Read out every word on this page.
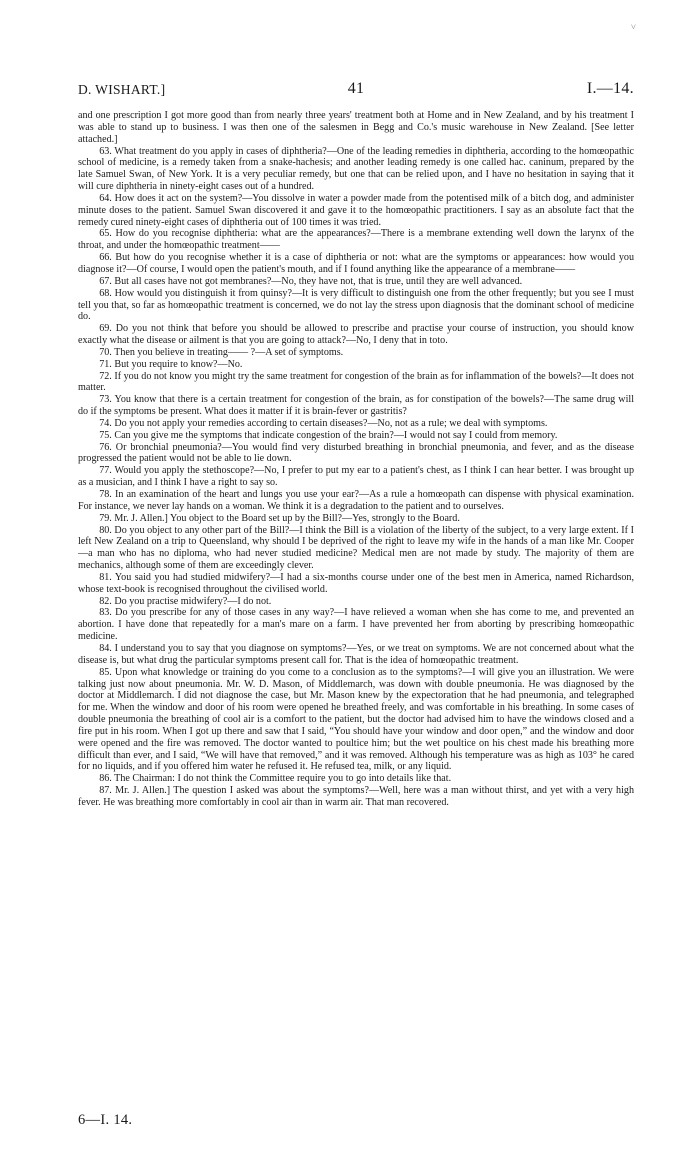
˅
D. WISHART.]	41	I.—14.

and one prescription I got more good than from nearly three years' treatment both at Home and in New Zealand, and by his treatment I was able to stand up to business. I was then one of the salesmen in Begg and Co.'s music warehouse in New Zealand. [See letter attached.]

63. What treatment do you apply in cases of diphtheria?—One of the leading remedies in diphtheria, according to the homœopathic school of medicine, is a remedy taken from a snake-hachesis; and another leading remedy is one called hac. caninum, prepared by the late Samuel Swan, of New York. It is a very peculiar remedy, but one that can be relied upon, and I have no hesitation in saying that it will cure diphtheria in ninety-eight cases out of a hundred.

64. How does it act on the system?—You dissolve in water a powder made from the potentised milk of a bitch dog, and administer minute doses to the patient. Samuel Swan discovered it and gave it to the homœopathic practitioners. I say as an absolute fact that the remedy cured ninety-eight cases of diphtheria out of 100 times it was tried.

65. How do you recognise diphtheria: what are the appearances?—There is a membrane extending well down the larynx of the throat, and under the homœopathic treatment——

66. But how do you recognise whether it is a case of diphtheria or not: what are the symptoms or appearances: how would you diagnose it?—Of course, I would open the patient's mouth, and if I found anything like the appearance of a membrane——

67. But all cases have not got membranes?—No, they have not, that is true, until they are well advanced.

68. How would you distinguish it from quinsy?—It is very difficult to distinguish one from the other frequently; but you see I must tell you that, so far as homœopathic treatment is concerned, we do not lay the stress upon diagnosis that the dominant school of medicine do.

69. Do you not think that before you should be allowed to prescribe and practise your course of instruction, you should know exactly what the disease or ailment is that you are going to attack?—No, I deny that in toto.

70. Then you believe in treating—— ?—A set of symptoms.

71. But you require to know?—No.

72. If you do not know you might try the same treatment for congestion of the brain as for inflammation of the bowels?—It does not matter.

73. You know that there is a certain treatment for congestion of the brain, as for constipation of the bowels?—The same drug will do if the symptoms be present. What does it matter if it is brain-fever or gastritis?

74. Do you not apply your remedies according to certain diseases?—No, not as a rule; we deal with symptoms.

75. Can you give me the symptoms that indicate congestion of the brain?—I would not say I could from memory.

76. Or bronchial pneumonia?—You would find very disturbed breathing in bronchial pneumonia, and fever, and as the disease progressed the patient would not be able to lie down.

77. Would you apply the stethoscope?—No, I prefer to put my ear to a patient's chest, as I think I can hear better. I was brought up as a musician, and I think I have a right to say so.

78. In an examination of the heart and lungs you use your ear?—As a rule a homœopath can dispense with physical examination. For instance, we never lay hands on a woman. We think it is a degradation to the patient and to ourselves.

79. Mr. J. Allen.] You object to the Board set up by the Bill?—Yes, strongly to the Board.

80. Do you object to any other part of the Bill?—I think the Bill is a violation of the liberty of the subject, to a very large extent. If I left New Zealand on a trip to Queensland, why should I be deprived of the right to leave my wife in the hands of a man like Mr. Cooper—a man who has no diploma, who had never studied medicine? Medical men are not made by study. The majority of them are mechanics, although some of them are exceedingly clever.

81. You said you had studied midwifery?—I had a six-months course under one of the best men in America, named Richardson, whose text-book is recognised throughout the civilised world.

82. Do you practise midwifery?—I do not.

83. Do you prescribe for any of those cases in any way?—I have relieved a woman when she has come to me, and prevented an abortion. I have done that repeatedly for a man's mare on a farm. I have prevented her from aborting by prescribing homœopathic medicine.

84. I understand you to say that you diagnose on symptoms?—Yes, or we treat on symptoms. We are not concerned about what the disease is, but what drug the particular symptoms present call for. That is the idea of homœopathic treatment.

85. Upon what knowledge or training do you come to a conclusion as to the symptoms?—I will give you an illustration. We were talking just now about pneumonia. Mr. W. D. Mason, of Middlemarch, was down with double pneumonia. He was diagnosed by the doctor at Middlemarch. I did not diagnose the case, but Mr. Mason knew by the expectoration that he had pneumonia, and telegraphed for me. When the window and door of his room were opened he breathed freely, and was comfortable in his breathing. In some cases of double pneumonia the breathing of cool air is a comfort to the patient, but the doctor had advised him to have the windows closed and a fire put in his room. When I got up there and saw that I said, “You should have your window and door open,” and the window and door were opened and the fire was removed. The doctor wanted to poultice him; but the wet poultice on his chest made his breathing more difficult than ever, and I said, “We will have that removed,” and it was removed. Although his temperature was as high as 103° he cared for no liquids, and if you offered him water he refused it. He refused tea, milk, or any liquid.

86. The Chairman: I do not think the Committee require you to go into details like that.

87. Mr. J. Allen.] The question I asked was about the symptoms?—Well, here was a man without thirst, and yet with a very high fever. He was breathing more comfortably in cool air than in warm air. That man recovered.

6—I. 14.
